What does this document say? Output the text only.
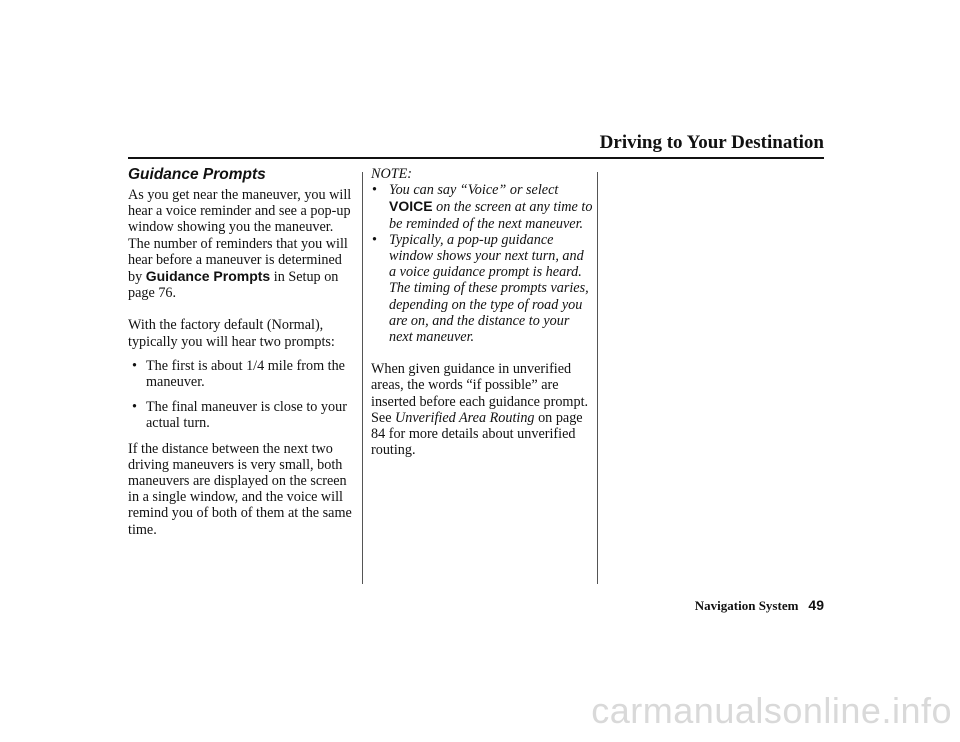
Driving to Your Destination
Guidance Prompts

As you get near the maneuver, you will hear a voice reminder and see a pop-up window showing you the maneuver. The number of reminders that you will hear before a maneuver is determined by Guidance Prompts in Setup on page 76.

With the factory default (Normal), typically you will hear two prompts:

• The first is about 1/4 mile from the maneuver.
• The final maneuver is close to your actual turn.

If the distance between the next two driving maneuvers is very small, both maneuvers are displayed on the screen in a single window, and the voice will remind you of both of them at the same time.

NOTE:

• You can say “Voice” or select VOICE on the screen at any time to be reminded of the next maneuver.
• Typically, a pop-up guidance window shows your next turn, and a voice guidance prompt is heard. The timing of these prompts varies, depending on the type of road you are on, and the distance to your next maneuver.

When given guidance in unverified areas, the words “if possible” are inserted before each guidance prompt. See Unverified Area Routing on page 84 for more details about unverified routing.

Navigation System 49
carmanualsonline.info
